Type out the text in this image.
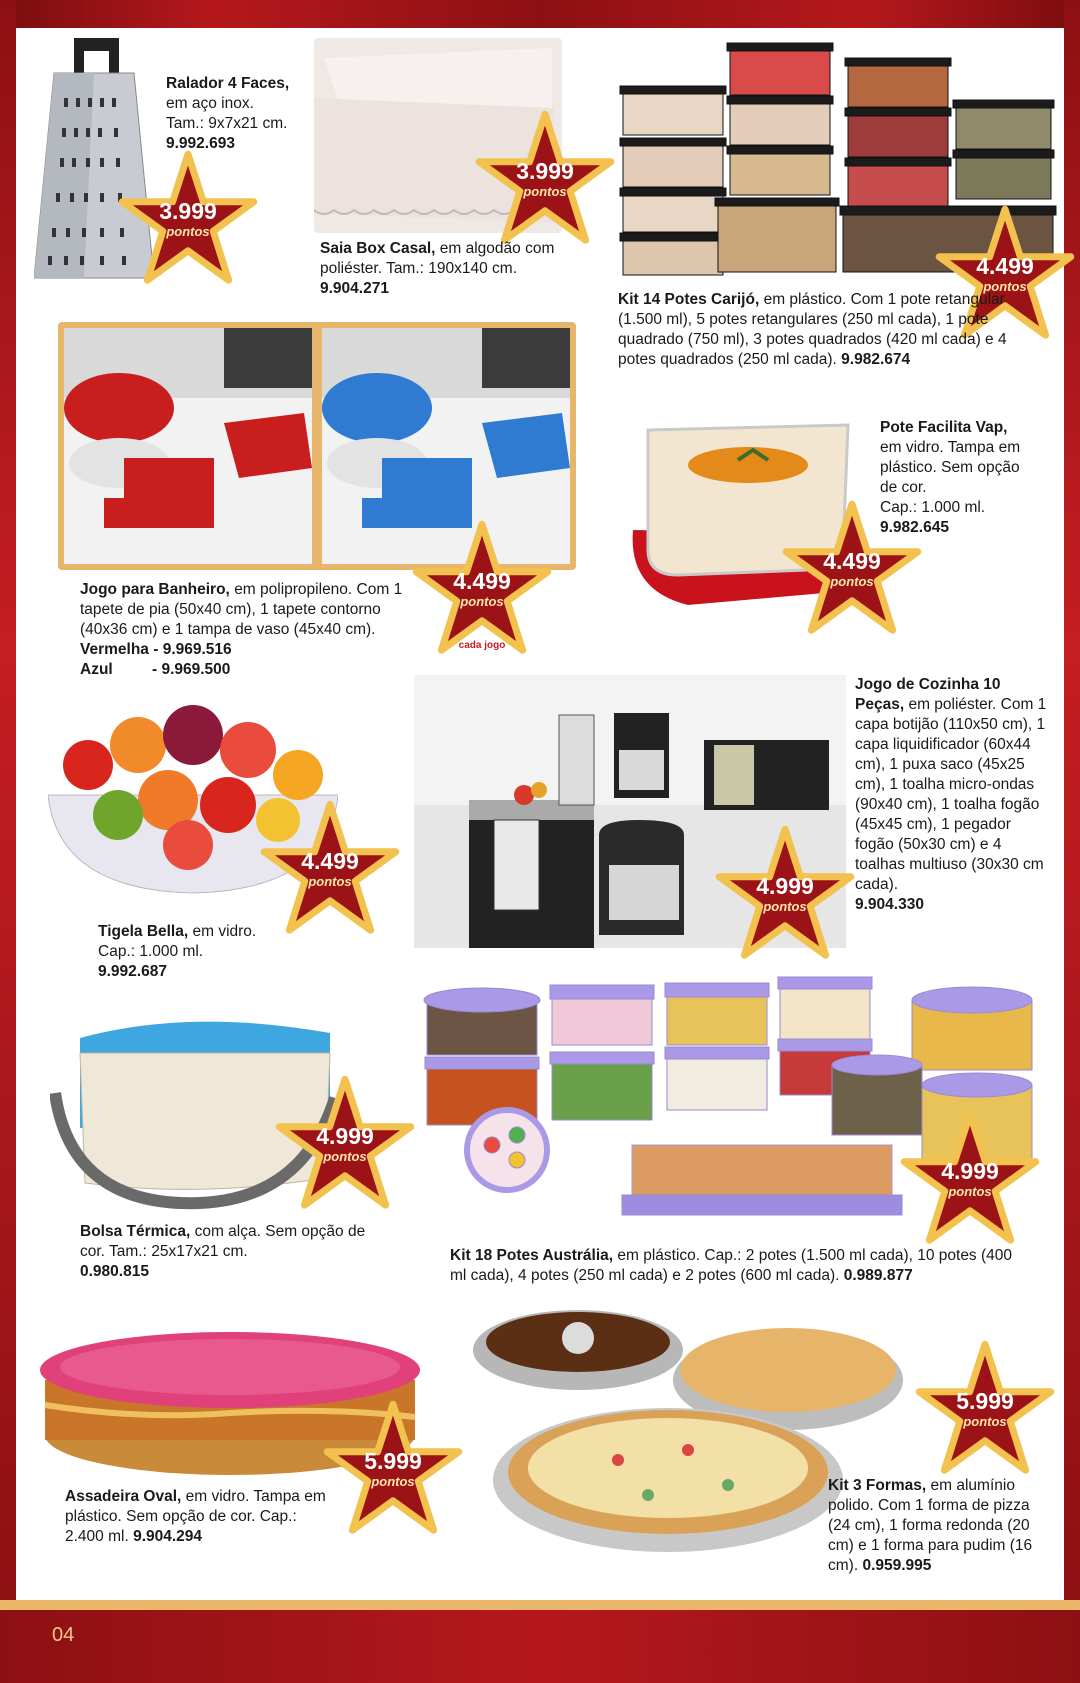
04
3.999
pontos
3.999
pontos
4.499
pontos
4.499
pontos
cada jogo
4.499
pontos
4.999
pontos
4.499
pontos
4.999
pontos
4.999
pontos
5.999
pontos
5.999
pontos
Ralador 4 Faces,
em aço inox.
Tam.: 9x7x21 cm.
9.992.693
Saia Box Casal, em algodão com poliéster. Tam.: 190x140 cm.
9.904.271
Kit 14 Potes Carijó, em plástico. Com 1 pote retangular (1.500 ml), 5 potes retangulares (250 ml cada), 1 pote quadrado (750 ml), 3 potes quadrados (420 ml cada) e 4 potes quadrados (250 ml cada). 9.982.674
Jogo para Banheiro, em polipropileno. Com 1 tapete de pia (50x40 cm), 1 tapete contorno (40x36 cm) e 1 tampa de vaso (45x40 cm).
Vermelha - 9.969.516
Azul	- 9.969.500
Pote Facilita Vap,
em vidro. Tampa em plástico. Sem opção de cor.
Cap.: 1.000 ml.
9.982.645
Jogo de Cozinha 10 Peças, em poliéster. Com 1 capa botijão (110x50 cm), 1 capa liquidificador (60x44 cm), 1 puxa saco (45x25 cm), 1 toalha micro-ondas (90x40 cm), 1 toalha fogão (45x45 cm), 1 pegador fogão (50x30 cm) e 4 toalhas multiuso (30x30 cm cada).
9.904.330
Tigela Bella, em vidro.
Cap.: 1.000 ml.
9.992.687
Bolsa Térmica, com alça. Sem opção de cor. Tam.: 25x17x21 cm.
0.980.815
Kit 18 Potes Austrália, em plástico. Cap.: 2 potes (1.500 ml cada), 10 potes (400 ml cada), 4 potes (250 ml cada) e 2 potes (600 ml cada). 0.989.877
Assadeira Oval, em vidro. Tampa em plástico. Sem opção de cor. Cap.: 2.400 ml. 9.904.294
Kit 3 Formas, em alumínio polido. Com 1 forma de pizza (24 cm), 1 forma redonda (20 cm) e 1 forma para pudim (16 cm). 0.959.995
